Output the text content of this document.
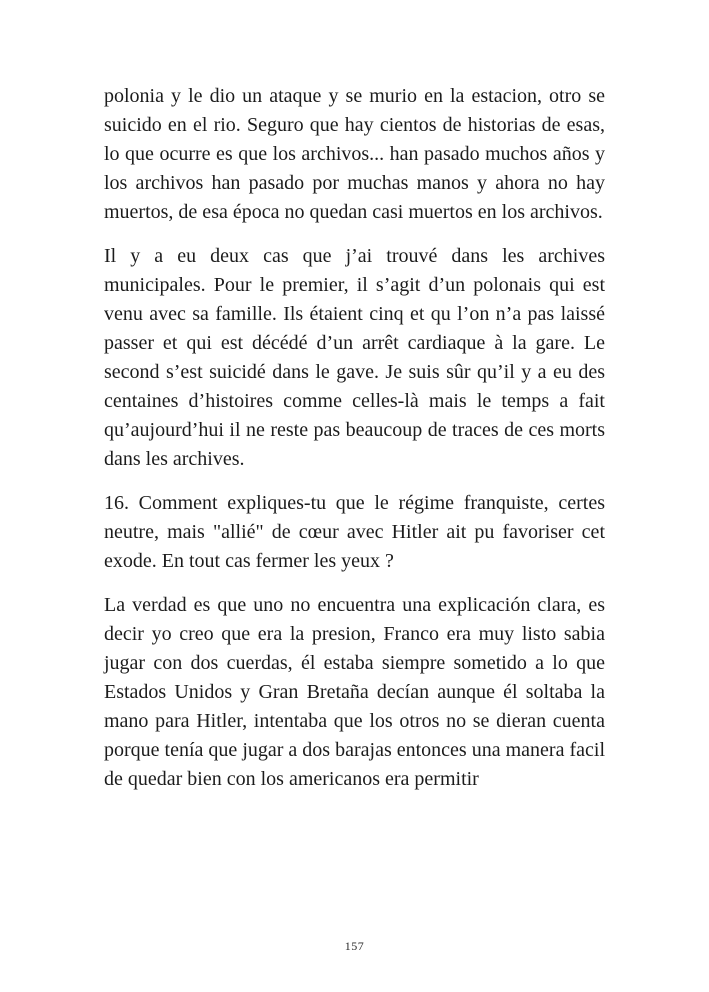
polonia y le dio un ataque y se murio en la estacion, otro se suicido en el rio. Seguro que hay cientos de historias de esas, lo que ocurre es que los archivos... han pasado muchos años y los archivos han pasado por muchas manos y ahora no hay muertos, de esa época no quedan casi muertos en los archivos.

Il y a eu deux cas que j’ai trouvé dans les archives municipales. Pour le premier, il s’agit d’un polonais qui est venu avec sa famille. Ils étaient cinq et qu l’on n’a pas laissé passer et qui est décédé d’un arrêt cardiaque à la gare. Le second s’est suicidé dans le gave. Je suis sûr qu’il y a eu des centaines d’histoires comme celles-là mais le temps a fait qu’aujourd’hui il ne reste pas beaucoup de traces de ces morts dans les archives.

16. Comment expliques-tu que le régime franquiste, certes neutre, mais "allié" de cœur avec Hitler ait pu favoriser cet exode. En tout cas fermer les yeux ?

La verdad es que uno no encuentra una explicación clara, es decir yo creo que era la presion, Franco era muy listo sabia jugar con dos cuerdas, él estaba siempre sometido a lo que Estados Unidos y Gran Bretaña decían aunque él soltaba la mano para Hitler, intentaba que los otros no se dieran cuenta porque tenía que jugar a dos barajas entonces una manera facil de quedar bien con los americanos era permitir

157
